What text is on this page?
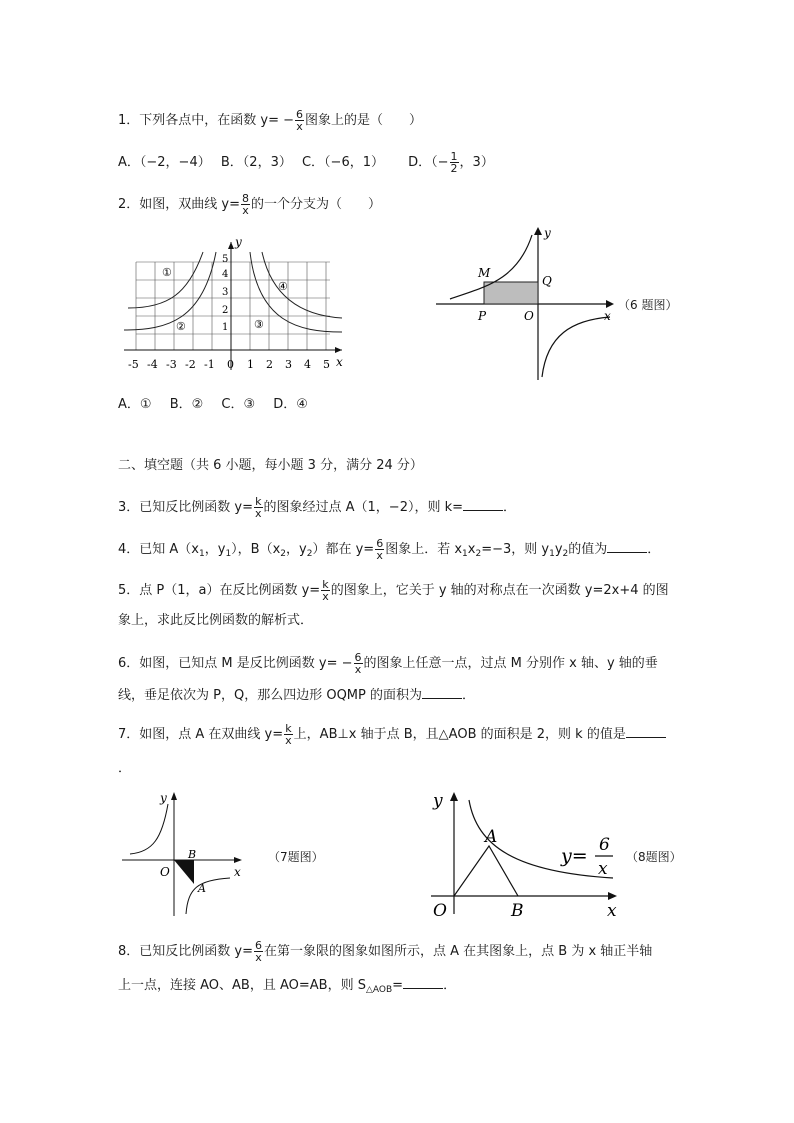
1．下列各点中，在函数 $y= - \frac{6}{x}$ 图象上的是（　　）
A．（−2，−4） B．（2，3） C．（−6，1） D．（− $\frac{1}{2}$ ，3）
2．如图，双曲线 $y= \frac{8}{x}$ 的一个分支为（　　）
y
x
-5 -4 -3 -2 -1 0 1 2 3 4 5
1
2
3
4
5
①
②	③
④
M
Q
P	O	x
y
（6 题图）
A．① B．② C．③ D．④
二、填空题（共 6 小题，每小题 3 分，满分 24 分）
3．已知反比例函数 $y= \frac{k}{x}$ 的图象经过点 A（1，−2），则 k=	．
4．已知 $A(x_1$，$y_1$），$B(x_2$，$y_2$）都在 $y= \frac{6}{x}$ 图象上．若 $x_1x_2=-3$，则 $y_1y_2$的值为	．
5．点 P（1，a）在反比例函数 $y= \frac{k}{x}$ 的图象上，它关于 y 轴的对称点在一次函数 y=2x+4 的图
象上，求此反比例函数的解析式．
6．如图，已知点 M 是反比例函数 $y= - \frac{6}{x}$ 的图象上任意一点，过点 M 分别作 x 轴、y 轴的垂
线，垂足依次为 P，Q，那么四边形 OQMP 的面积为	．
7．如图，点 A 在双曲线 $y= \frac{k}{x}$ 上，AB⊥x 轴于点 B，且△AOB 的面积是 2，则 k 的值是
．
O
B
A
x
y
（7题图）
O	B
A
x
y
y= 6
x
（8题图）
8．已知反比例函数 $y= \frac{6}{x}$ 在第一象限的图象如图所示，点 A 在其图象上，点 B 为 x 轴正半轴
上一点，连接 AO、AB，且 AO=AB，则 $S_{\triangle AOB}=$	．
